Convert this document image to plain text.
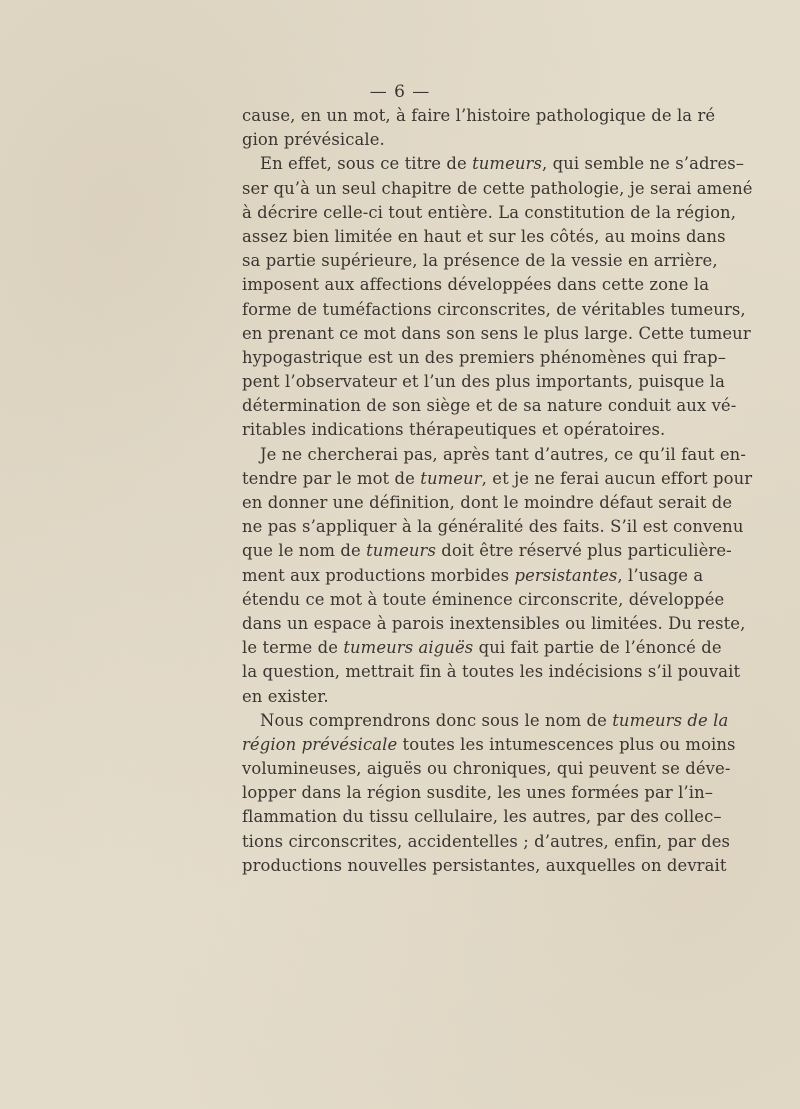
— 6 —
cause, en un mot, à faire l’histoire pathologique de la ré
gion prévésicale.
En effet, sous ce titre de tumeurs, qui semble ne s’adres–
ser qu’à un seul chapitre de cette pathologie, je serai amené
à décrire celle-ci tout entière. La constitution de la région,
assez bien limitée en haut et sur les côtés, au moins dans
sa partie supérieure, la présence de la vessie en arrière,
imposent aux affections développées dans cette zone la
forme de tuméfactions circonscrites, de véritables tumeurs,
en prenant ce mot dans son sens le plus large. Cette tumeur
hypogastrique est un des premiers phénomènes qui frap–
pent l’observateur et l’un des plus importants, puisque la
détermination de son siège et de sa nature conduit aux vé-
ritables indications thérapeutiques et opératoires.
Je ne chercherai pas, après tant d’autres, ce qu’il faut en-
tendre par le mot de tumeur, et je ne ferai aucun effort pour
en donner une définition, dont le moindre défaut serait de
ne pas s’appliquer à la généralité des faits. S’il est convenu
que le nom de tumeurs doit être réservé plus particulière-
ment aux productions morbides persistantes, l’usage a
étendu ce mot à toute éminence circonscrite, développée
dans un espace à parois inextensibles ou limitées. Du reste,
le terme de tumeurs aiguës qui fait partie de l’énoncé de
la question, mettrait fin à toutes les indécisions s’il pouvait
en exister.
Nous comprendrons donc sous le nom de tumeurs de la
région prévésicale toutes les intumescences plus ou moins
volumineuses, aiguës ou chroniques, qui peuvent se déve-
lopper dans la région susdite, les unes formées par l’in–
flammation du tissu cellulaire, les autres, par des collec–
tions circonscrites, accidentelles ; d’autres, enfin, par des
productions nouvelles persistantes, auxquelles on devrait
